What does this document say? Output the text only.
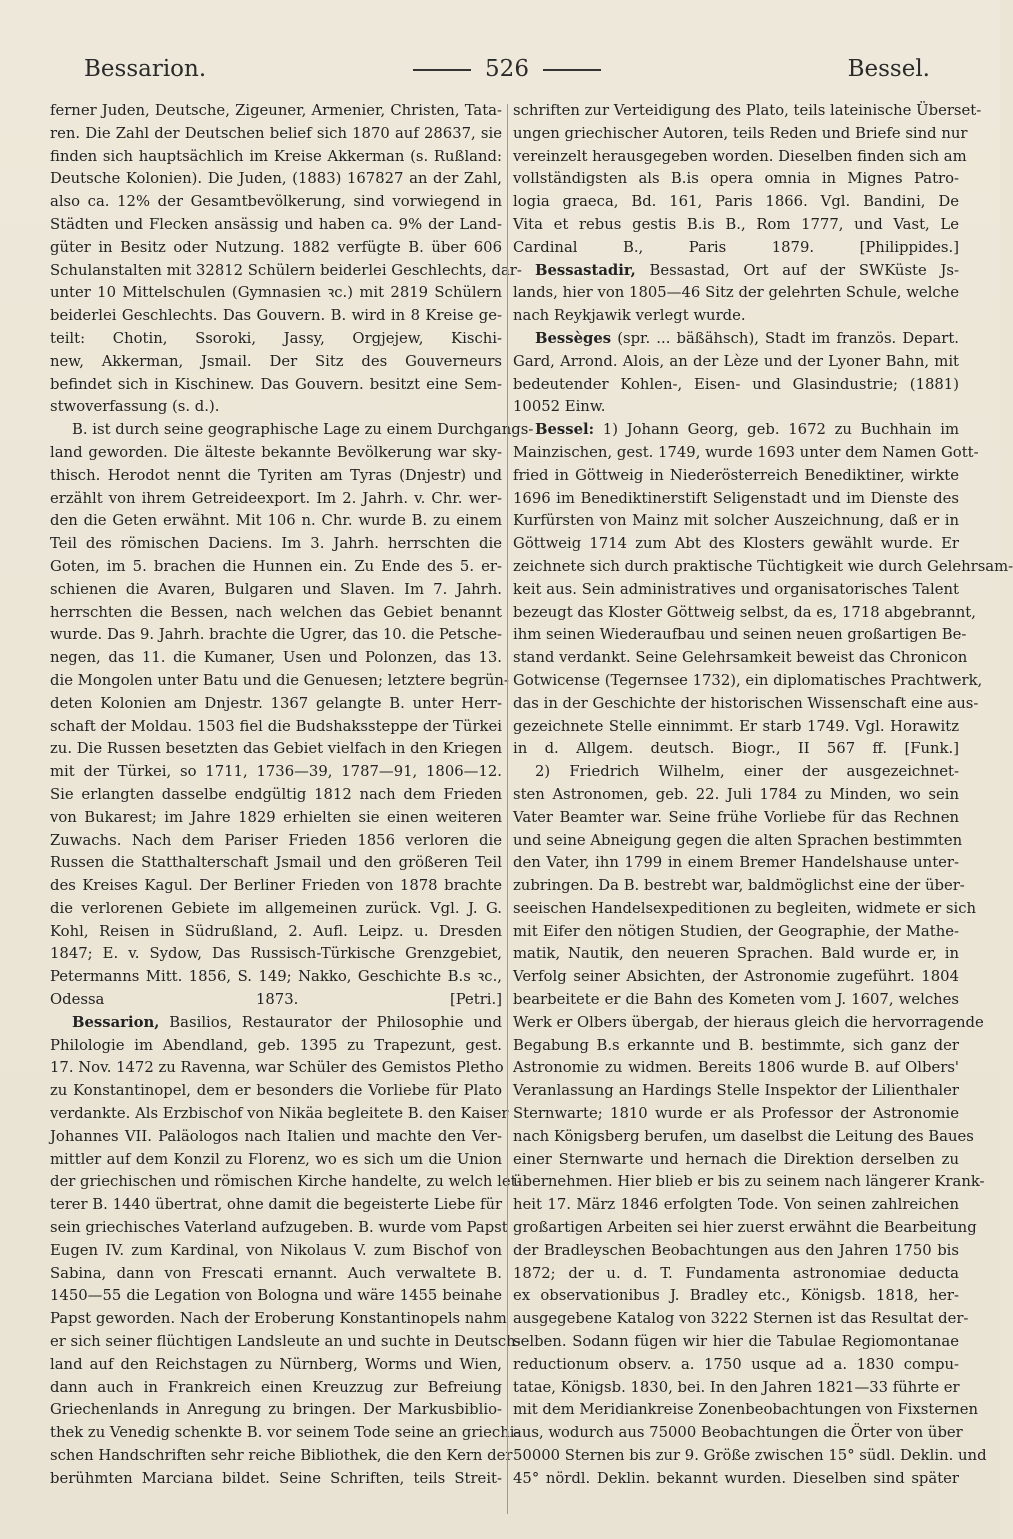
Bessarion.	526	Bessel.
ferner Juden, Deutsche, Zigeuner, Armenier, Christen, Tata-
ren. Die Zahl der Deutschen belief sich 1870 auf 28637, sie
finden sich hauptsächlich im Kreise Akkerman (s. Rußland:
Deutsche Kolonien). Die Juden, (1883) 167827 an der Zahl,
also ca. 12% der Gesamtbevölkerung, sind vorwiegend in
Städten und Flecken ansässig und haben ca. 9% der Land-
güter in Besitz oder Nutzung. 1882 verfügte B. über 606
Schulanstalten mit 32812 Schülern beiderlei Geschlechts, dar-
unter 10 Mittelschulen (Gymnasien ꝛc.) mit 2819 Schülern
beiderlei Geschlechts. Das Gouvern. B. wird in 8 Kreise ge-
teilt: Chotin, Ssoroki, Jassy, Orgjejew, Kischi-
new, Akkerman, Jsmail. Der Sitz des Gouverneurs
befindet sich in Kischinew. Das Gouvern. besitzt eine Sem-
stwoverfassung (s. d.).
B. ist durch seine geographische Lage zu einem Durchgangs-
land geworden. Die älteste bekannte Bevölkerung war sky-
thisch. Herodot nennt die Tyriten am Tyras (Dnjestr) und
erzählt von ihrem Getreideexport. Im 2. Jahrh. v. Chr. wer-
den die Geten erwähnt. Mit 106 n. Chr. wurde B. zu einem
Teil des römischen Daciens. Im 3. Jahrh. herrschten die
Goten, im 5. brachen die Hunnen ein. Zu Ende des 5. er-
schienen die Avaren, Bulgaren und Slaven. Im 7. Jahrh.
herrschten die Bessen, nach welchen das Gebiet benannt
wurde. Das 9. Jahrh. brachte die Ugrer, das 10. die Petsche-
negen, das 11. die Kumaner, Usen und Polonzen, das 13.
die Mongolen unter Batu und die Genuesen; letztere begrün-
deten Kolonien am Dnjestr. 1367 gelangte B. unter Herr-
schaft der Moldau. 1503 fiel die Budshakssteppe der Türkei
zu. Die Russen besetzten das Gebiet vielfach in den Kriegen
mit der Türkei, so 1711, 1736—39, 1787—91, 1806—12.
Sie erlangten dasselbe endgültig 1812 nach dem Frieden
von Bukarest; im Jahre 1829 erhielten sie einen weiteren
Zuwachs. Nach dem Pariser Frieden 1856 verloren die
Russen die Statthalterschaft Jsmail und den größeren Teil
des Kreises Kagul. Der Berliner Frieden von 1878 brachte
die verlorenen Gebiete im allgemeinen zurück. Vgl. J. G.
Kohl, Reisen in Südrußland, 2. Aufl. Leipz. u. Dresden
1847; E. v. Sydow, Das Russisch-Türkische Grenzgebiet,
Petermanns Mitt. 1856, S. 149; Nakko, Geschichte B.s ꝛc.,
Odessa 1873. [Petri.]
Bessarion, Basilios, Restaurator der Philosophie und
Philologie im Abendland, geb. 1395 zu Trapezunt, gest.
17. Nov. 1472 zu Ravenna, war Schüler des Gemistos Pletho
zu Konstantinopel, dem er besonders die Vorliebe für Plato
verdankte. Als Erzbischof von Nikäa begleitete B. den Kaiser
Johannes VII. Paläologos nach Italien und machte den Ver-
mittler auf dem Konzil zu Florenz, wo es sich um die Union
der griechischen und römischen Kirche handelte, zu welch let-
terer B. 1440 übertrat, ohne damit die begeisterte Liebe für
sein griechisches Vaterland aufzugeben. B. wurde vom Papst
Eugen IV. zum Kardinal, von Nikolaus V. zum Bischof von
Sabina, dann von Frescati ernannt. Auch verwaltete B.
1450—55 die Legation von Bologna und wäre 1455 beinahe
Papst geworden. Nach der Eroberung Konstantinopels nahm
er sich seiner flüchtigen Landsleute an und suchte in Deutsch-
land auf den Reichstagen zu Nürnberg, Worms und Wien,
dann auch in Frankreich einen Kreuzzug zur Befreiung
Griechenlands in Anregung zu bringen. Der Markusbiblio-
thek zu Venedig schenkte B. vor seinem Tode seine an griechi-
schen Handschriften sehr reiche Bibliothek, die den Kern der
berühmten Marciana bildet. Seine Schriften, teils Streit-
schriften zur Verteidigung des Plato, teils lateinische Überset-
ungen griechischer Autoren, teils Reden und Briefe sind nur
vereinzelt herausgegeben worden. Dieselben finden sich am
vollständigsten als B.is opera omnia in Mignes Patro-
logia graeca, Bd. 161, Paris 1866. Vgl. Bandini, De
Vita et rebus gestis B.is B., Rom 1777, und Vast, Le
Cardinal B., Paris 1879. [Philippides.]
Bessastadir, Bessastad, Ort auf der SWKüste Js-
lands, hier von 1805—46 Sitz der gelehrten Schule, welche
nach Reykjawik verlegt wurde.
Bessèges (spr. ... bäßähsch), Stadt im französ. Depart.
Gard, Arrond. Alois, an der Lèze und der Lyoner Bahn, mit
bedeutender Kohlen-, Eisen- und Glasindustrie; (1881)
10052 Einw.
Bessel: 1) Johann Georg, geb. 1672 zu Buchhain im
Mainzischen, gest. 1749, wurde 1693 unter dem Namen Gott-
fried in Göttweig in Niederösterreich Benediktiner, wirkte
1696 im Benediktinerstift Seligenstadt und im Dienste des
Kurfürsten von Mainz mit solcher Auszeichnung, daß er in
Göttweig 1714 zum Abt des Klosters gewählt wurde. Er
zeichnete sich durch praktische Tüchtigkeit wie durch Gelehrsam-
keit aus. Sein administratives und organisatorisches Talent
bezeugt das Kloster Göttweig selbst, da es, 1718 abgebrannt,
ihm seinen Wiederaufbau und seinen neuen großartigen Be-
stand verdankt. Seine Gelehrsamkeit beweist das Chronicon
Gotwicense (Tegernsee 1732), ein diplomatisches Prachtwerk,
das in der Geschichte der historischen Wissenschaft eine aus-
gezeichnete Stelle einnimmt. Er starb 1749. Vgl. Horawitz
in d. Allgem. deutsch. Biogr., II 567 ff. [Funk.]
2) Friedrich Wilhelm, einer der ausgezeichnet-
sten Astronomen, geb. 22. Juli 1784 zu Minden, wo sein
Vater Beamter war. Seine frühe Vorliebe für das Rechnen
und seine Abneigung gegen die alten Sprachen bestimmten
den Vater, ihn 1799 in einem Bremer Handelshause unter-
zubringen. Da B. bestrebt war, baldmöglichst eine der über-
seeischen Handelsexpeditionen zu begleiten, widmete er sich
mit Eifer den nötigen Studien, der Geographie, der Mathe-
matik, Nautik, den neueren Sprachen. Bald wurde er, in
Verfolg seiner Absichten, der Astronomie zugeführt. 1804
bearbeitete er die Bahn des Kometen vom J. 1607, welches
Werk er Olbers übergab, der hieraus gleich die hervorragende
Begabung B.s erkannte und B. bestimmte, sich ganz der
Astronomie zu widmen. Bereits 1806 wurde B. auf Olbers'
Veranlassung an Hardings Stelle Inspektor der Lilienthaler
Sternwarte; 1810 wurde er als Professor der Astronomie
nach Königsberg berufen, um daselbst die Leitung des Baues
einer Sternwarte und hernach die Direktion derselben zu
übernehmen. Hier blieb er bis zu seinem nach längerer Krank-
heit 17. März 1846 erfolgten Tode. Von seinen zahlreichen
großartigen Arbeiten sei hier zuerst erwähnt die Bearbeitung
der Bradleyschen Beobachtungen aus den Jahren 1750 bis
1872; der u. d. T. Fundamenta astronomiae deducta
ex observationibus J. Bradley etc., Königsb. 1818, her-
ausgegebene Katalog von 3222 Sternen ist das Resultat der-
selben. Sodann fügen wir hier die Tabulae Regiomontanae
reductionum observ. a. 1750 usque ad a. 1830 compu-
tatae, Königsb. 1830, bei. In den Jahren 1821—33 führte er
mit dem Meridiankreise Zonenbeobachtungen von Fixsternen
aus, wodurch aus 75000 Beobachtungen die Örter von über
50000 Sternen bis zur 9. Größe zwischen 15° südl. Deklin. und
45° nördl. Deklin. bekannt wurden. Dieselben sind später
